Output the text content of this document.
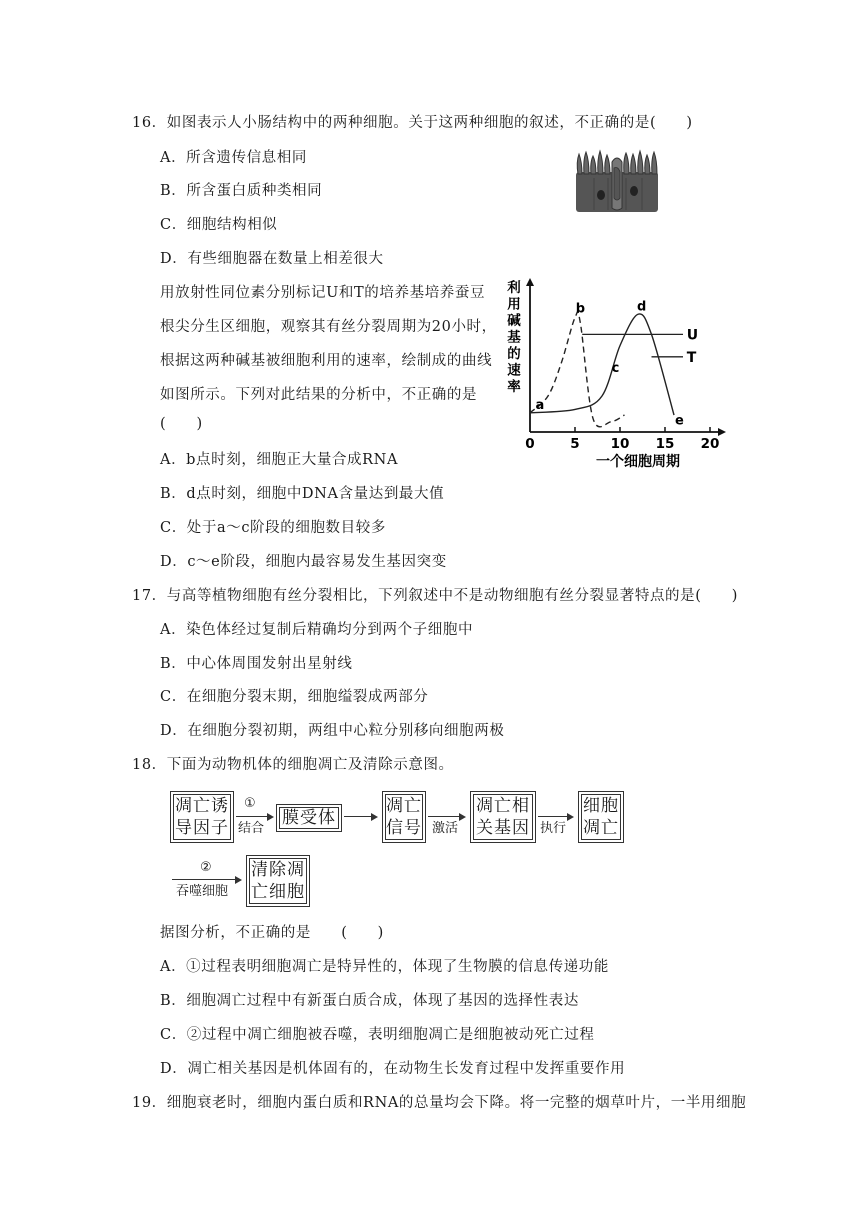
16．如图表示人小肠结构中的两种细胞。关于这两种细胞的叙述，不正确的是(　　)
A．所含遗传信息相同
B．所含蛋白质种类相同
C．细胞结构相似
D．有些细胞器在数量上相差很大
用放射性同位素分别标记U和T的培养基培养蚕豆
根尖分生区细胞，观察其有丝分裂周期为20小时，
根据这两种碱基被细胞利用的速率，绘制成的曲线
如图所示。下列对此结果的分析中，不正确的是
(　　)
A．b点时刻，细胞正大量合成RNA
B．d点时刻，细胞中DNA含量达到最大值
C．处于a～c阶段的细胞数目较多
D．c～e阶段，细胞内最容易发生基因突变
利用碱基的速率
0	5 10 15 20
U
T
a
b
c
d
e
一个细胞周期
17．与高等植物细胞有丝分裂相比，下列叙述中不是动物细胞有丝分裂显著特点的是(　　)
A．染色体经过复制后精确均分到两个子细胞中
B．中心体周围发射出星射线
C．在细胞分裂末期，细胞缢裂成两部分
D．在细胞分裂初期，两组中心粒分别移向细胞两极
18．下面为动物机体的细胞凋亡及清除示意图。
凋亡诱
导因子
①
结合
膜受体
凋亡
信号 激活
凋亡相
关基因 执行
细胞
凋亡
②
吞噬细胞
清除凋
亡细胞
据图分析，不正确的是　　(　　)
A．①过程表明细胞凋亡是特异性的，体现了生物膜的信息传递功能
B．细胞凋亡过程中有新蛋白质合成，体现了基因的选择性表达
C．②过程中凋亡细胞被吞噬，表明细胞凋亡是细胞被动死亡过程
D．凋亡相关基因是机体固有的，在动物生长发育过程中发挥重要作用
19．细胞衰老时，细胞内蛋白质和RNA的总量均会下降。将一完整的烟草叶片，一半用细胞
